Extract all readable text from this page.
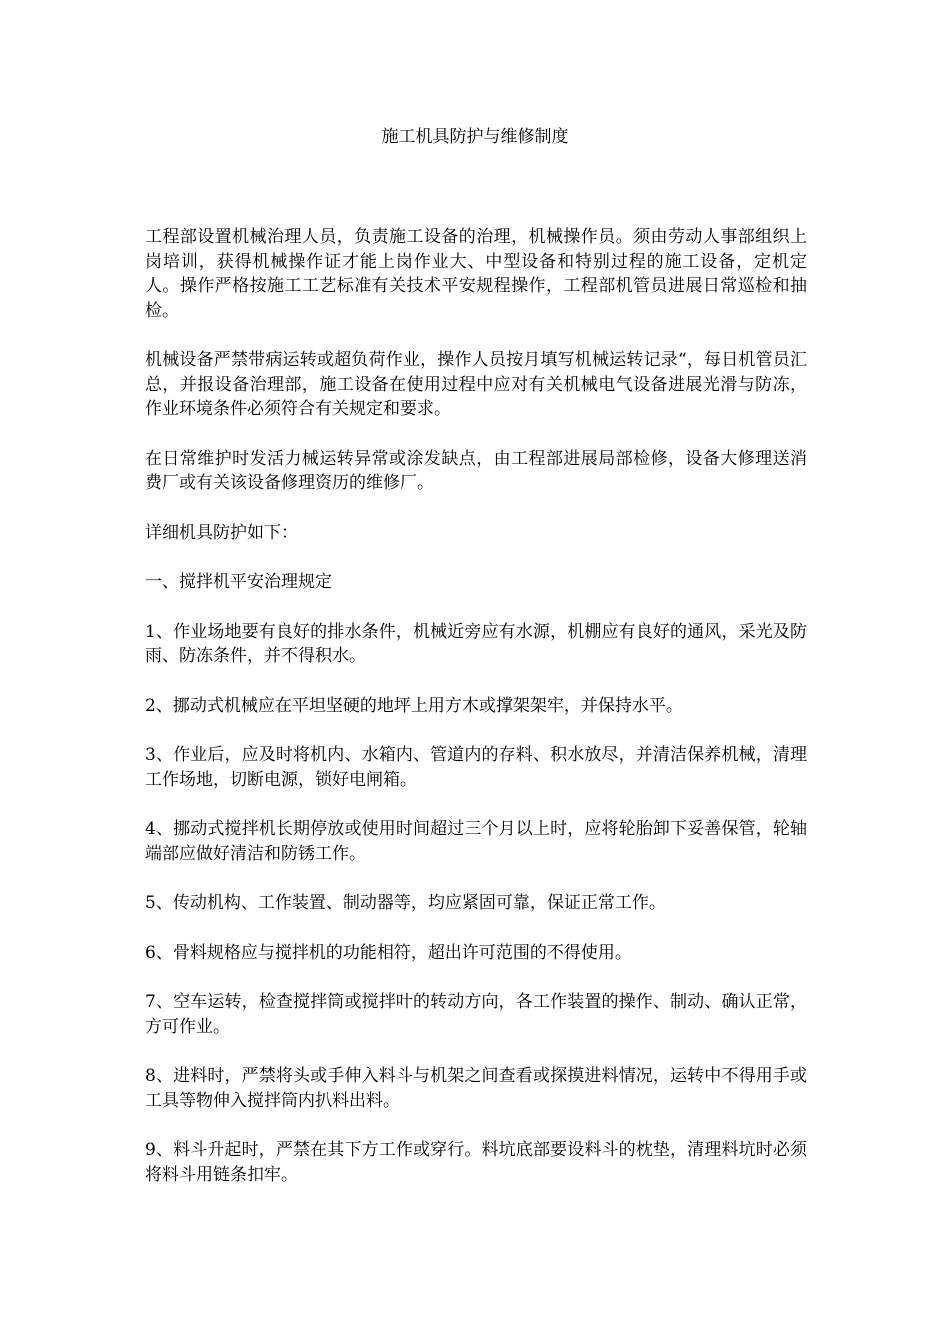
施工机具防护与维修制度

工程部设置机械治理人员，负责施工设备的治理，机械操作员。须由劳动人事部组织上岗培训，获得机械操作证才能上岗作业大、中型设备和特别过程的施工设备，定机定人。操作严格按施工工艺标准有关技术平安规程操作，工程部机管员进展日常巡检和抽检。

机械设备严禁带病运转或超负荷作业，操作人员按月填写机械运转记录“，每日机管员汇总，并报设备治理部，施工设备在使用过程中应对有关机械电气设备进展光滑与防冻，作业环境条件必须符合有关规定和要求。

在日常维护时发活力械运转异常或涂发缺点，由工程部进展局部检修，设备大修理送消费厂或有关该设备修理资历的维修厂。

详细机具防护如下：

一、搅拌机平安治理规定

1、作业场地要有良好的排水条件，机械近旁应有水源，机棚应有良好的通风，采光及防雨、防冻条件，并不得积水。

2、挪动式机械应在平坦坚硬的地坪上用方木或撑架架牢，并保持水平。

3、作业后，应及时将机内、水箱内、管道内的存料、积水放尽，并清洁保养机械，清理工作场地，切断电源，锁好电闸箱。

4、挪动式搅拌机长期停放或使用时间超过三个月以上时，应将轮胎卸下妥善保管，轮轴端部应做好清洁和防锈工作。

5、传动机构、工作装置、制动器等，均应紧固可靠，保证正常工作。

6、骨料规格应与搅拌机的功能相符，超出许可范围的不得使用。

7、空车运转，检查搅拌筒或搅拌叶的转动方向，各工作装置的操作、制动、确认正常，方可作业。

8、进料时，严禁将头或手伸入料斗与机架之间查看或探摸进料情况，运转中不得用手或工具等物伸入搅拌筒内扒料出料。

9、料斗升起时，严禁在其下方工作或穿行。料坑底部要设料斗的枕垫，清理料坑时必须将料斗用链条扣牢。
